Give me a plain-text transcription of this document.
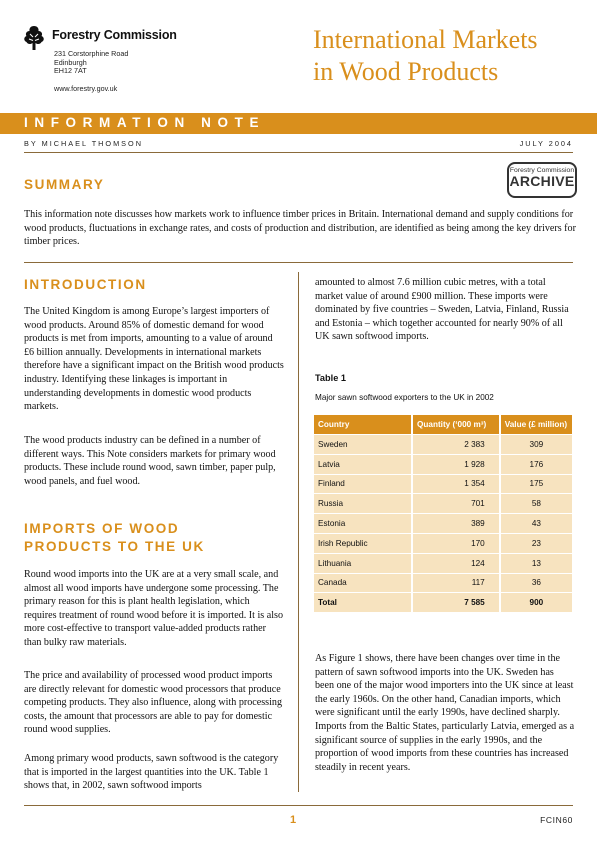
Forestry Commission
231 Corstorphine Road
Edinburgh
EH12 7AT
www.forestry.gov.uk
International Markets
in Wood Products
INFORMATION NOTE
BY MICHAEL THOMSON	JULY 2004
SUMMARY
Forestry Commission
ARCHIVE

This information note discusses how markets work to influence timber prices in Britain. International demand and supply conditions for wood products, fluctuations in exchange rates, and costs of production and distribution, are identified as being among the key drivers for timber prices.

INTRODUCTION

The United Kingdom is among Europe’s largest importers of wood products. Around 85% of domestic demand for wood products is met from imports, amounting to a value of around £6 billion annually. Developments in international markets therefore have a significant impact on the British wood products industry. Identifying these linkages is important in understanding developments in domestic wood products markets.

The wood products industry can be defined in a number of different ways. This Note considers markets for primary wood products. These include round wood, sawn timber, paper pulp, wood panels, and fuel wood.

IMPORTS OF WOOD
PRODUCTS TO THE UK

Round wood imports into the UK are at a very small scale, and almost all wood imports have undergone some processing. The primary reason for this is plant health legislation, which requires treatment of round wood before it is imported. It is also more cost-effective to transport value-added products rather than bulky raw materials.

The price and availability of processed wood product imports are directly relevant for domestic wood processors that produce competing products. They also influence, along with processing costs, the amount that processors are able to pay for domestic round wood supplies.

Among primary wood products, sawn softwood is the category that is imported in the largest quantities into the UK. Table 1 shows that, in 2002, sawn softwood imports

amounted to almost 7.6 million cubic metres, with a total market value of around £900 million. These imports were dominated by five countries – Sweden, Latvia, Finland, Russia and Estonia – which together accounted for nearly 90% of all UK sawn softwood imports.

Table 1
Major sawn softwood exporters to the UK in 2002
Country	Quantity (‘000 m³)	Value (£ million)
Sweden	2 383	309
Latvia	1 928	176
Finland	1 354	175
Russia	701	58
Estonia	389	43
Irish Republic	170	23
Lithuania	124	13
Canada	117	36
Total	7 585	900

As Figure 1 shows, there have been changes over time in the pattern of sawn softwood imports into the UK. Sweden has been one of the major wood importers into the UK since at least the early 1960s. On the other hand, Canadian imports, which were significant until the early 1990s, have declined sharply. Imports from the Baltic States, particularly Latvia, emerged as a significant source of supplies in the early 1990s, and the proportion of wood imports from these countries has increased steadily in recent years.

1	FCIN60
